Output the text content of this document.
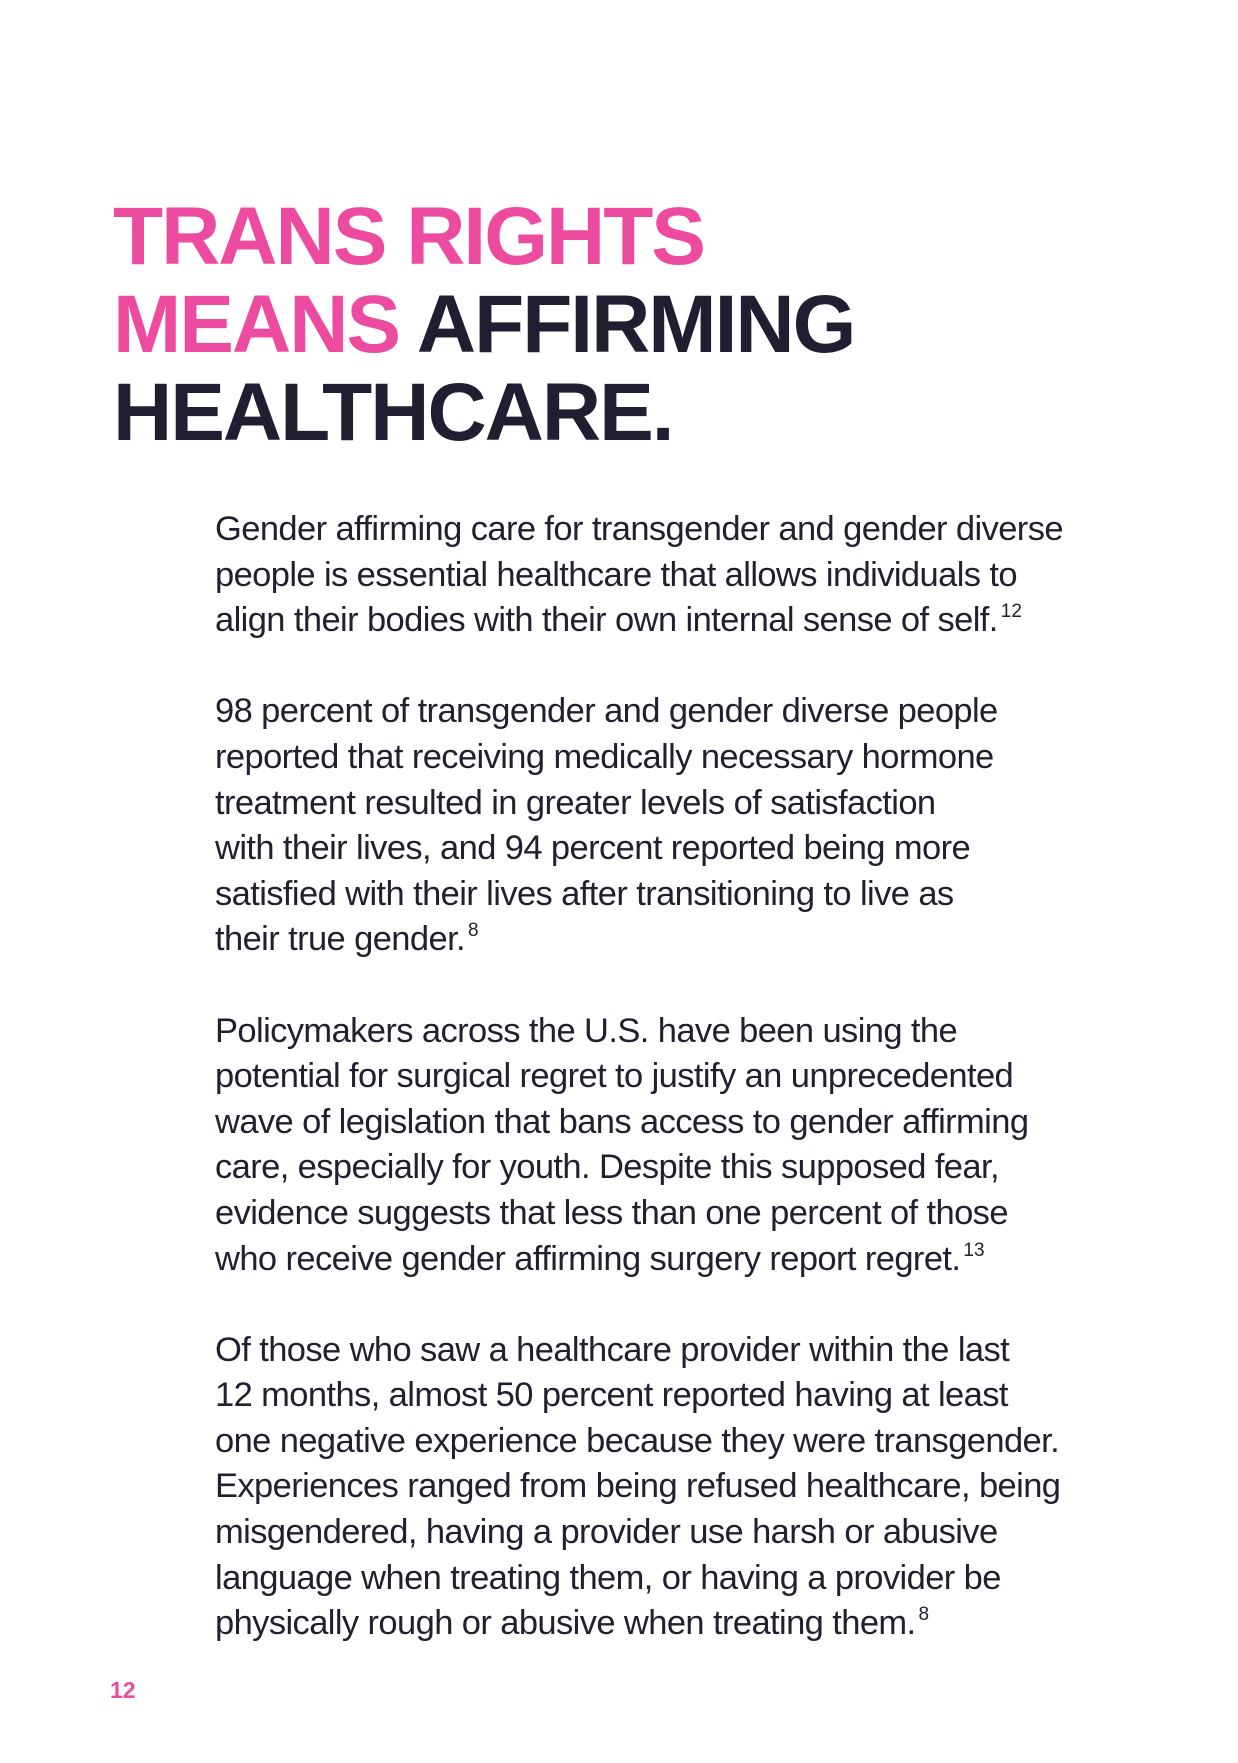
TRANS RIGHTS
MEANS AFFIRMING
HEALTHCARE.

Gender affirming care for transgender and gender diverse
people is essential healthcare that allows individuals to
align their bodies with their own internal sense of self. $^{12}$

98 percent of transgender and gender diverse people
reported that receiving medically necessary hormone
treatment resulted in greater levels of satisfaction
with their lives, and 94 percent reported being more
satisfied with their lives after transitioning to live as
their true gender. $^8$

Policymakers across the U.S. have been using the
potential for surgical regret to justify an unprecedented
wave of legislation that bans access to gender affirming
care, especially for youth. Despite this supposed fear,
evidence suggests that less than one percent of those
who receive gender affirming surgery report regret. $^{13}$

Of those who saw a healthcare provider within the last
12 months, almost 50 percent reported having at least
one negative experience because they were transgender.
Experiences ranged from being refused healthcare, being
misgendered, having a provider use harsh or abusive
language when treating them, or having a provider be
physically rough or abusive when treating them. $^8$

12
